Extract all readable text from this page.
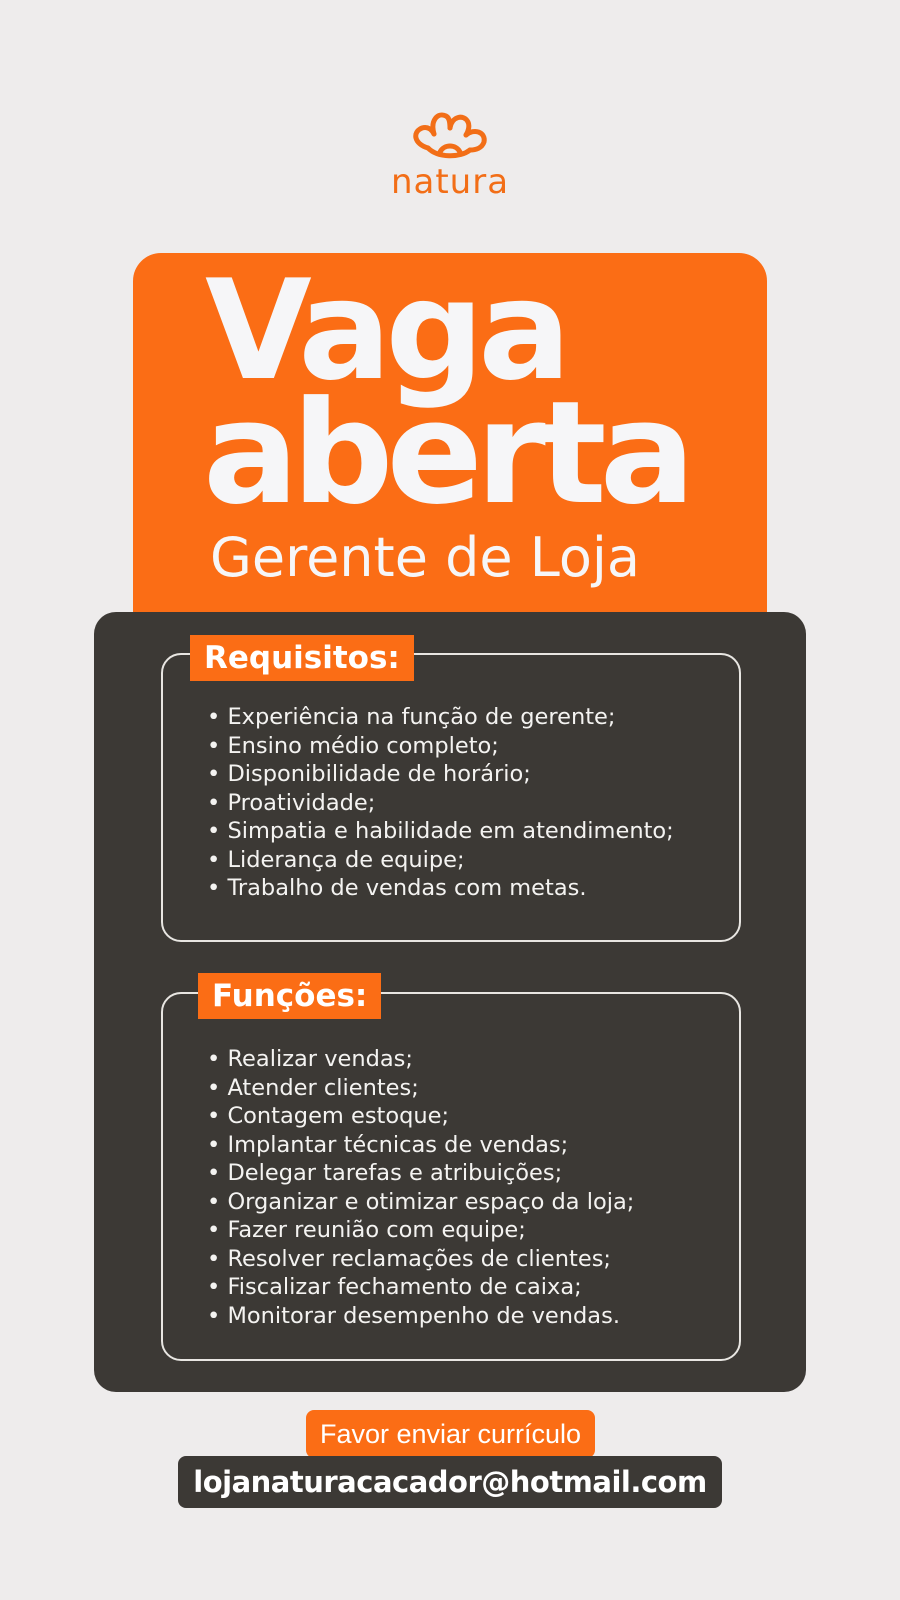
natura
Vaga
aberta
Gerente de Loja
Requisitos:
• Experiência na função de gerente;
• Ensino médio completo;
• Disponibilidade de horário;
• Proatividade;
• Simpatia e habilidade em atendimento;
• Liderança de equipe;
• Trabalho de vendas com metas.
Funções:
• Realizar vendas;
• Atender clientes;
• Contagem estoque;
• Implantar técnicas de vendas;
• Delegar tarefas e atribuições;
• Organizar e otimizar espaço da loja;
• Fazer reunião com equipe;
• Resolver reclamações de clientes;
• Fiscalizar fechamento de caixa;
• Monitorar desempenho de vendas.
Favor enviar currículo
lojanaturacacador@hotmail.com
